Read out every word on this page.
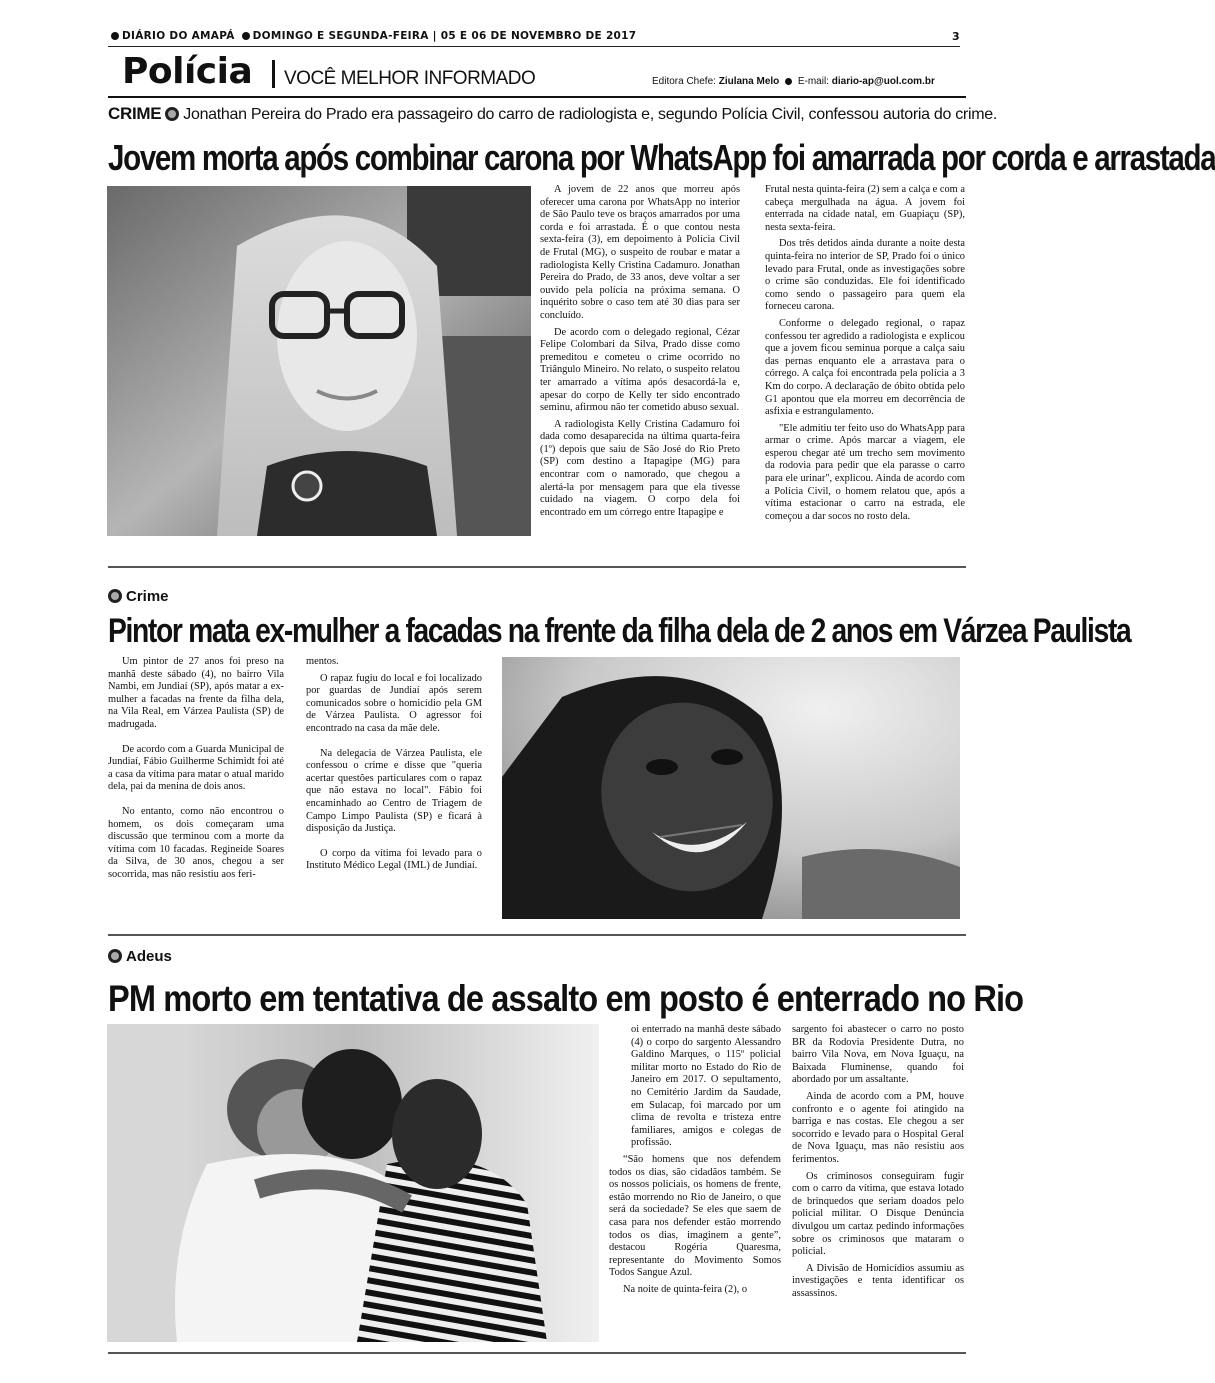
DIÁRIO DO AMAPÁ DOMINGO E SEGUNDA-FEIRA | 05 E 06 DE NOVEMBRO DE 2017	3
Polícia VOCÊ MELHOR INFORMADO	Editora Chefe: Ziulana Melo E-mail: diario-ap@uol.com.br
CRIME Jonathan Pereira do Prado era passageiro do carro de radiologista e, segundo Polícia Civil, confessou autoria do crime.
Jovem morta após combinar carona por WhatsApp foi amarrada por corda e arrastada

A jovem de 22 anos que morreu após oferecer uma carona por WhatsApp no interior de São Paulo teve os braços amarrados por uma corda e foi arrastada. É o que contou nesta sexta-feira (3), em depoimento à Polícia Civil de Frutal (MG), o suspeito de roubar e matar a radiologista Kelly Cristina Cadamuro. Jonathan Pereira do Prado, de 33 anos, deve voltar a ser ouvido pela polícia na próxima semana. O inquérito sobre o caso tem até 30 dias para ser concluído.

De acordo com o delegado regional, Cézar Felipe Colombari da Silva, Prado disse como premeditou e cometeu o crime ocorrido no Triângulo Mineiro. No relato, o suspeito relatou ter amarrado a vítima após desacordá-la e, apesar do corpo de Kelly ter sido encontrado seminu, afirmou não ter cometido abuso sexual.

A radiologista Kelly Cristina Cadamuro foi dada como desaparecida na última quarta-feira (1º) depois que saiu de São José do Rio Preto (SP) com destino a Itapagipe (MG) para encontrar com o namorado, que chegou a alertá-la por mensagem para que ela tivesse cuidado na viagem. O corpo dela foi encontrado em um córrego entre Itapagipe e

Frutal nesta quinta-feira (2) sem a calça e com a cabeça mergulhada na água. A jovem foi enterrada na cidade natal, em Guapiaçu (SP), nesta sexta-feira.

Dos três detidos ainda durante a noite desta quinta-feira no interior de SP, Prado foi o único levado para Frutal, onde as investigações sobre o crime são conduzidas. Ele foi identificado como sendo o passageiro para quem ela forneceu carona.

Conforme o delegado regional, o rapaz confessou ter agredido a radiologista e explicou que a jovem ficou seminua porque a calça saiu das pernas enquanto ele a arrastava para o córrego. A calça foi encontrada pela polícia a 3 Km do corpo. A declaração de óbito obtida pelo G1 apontou que ela morreu em decorrência de asfixia e estrangulamento.

"Ele admitiu ter feito uso do WhatsApp para armar o crime. Após marcar a viagem, ele esperou chegar até um trecho sem movimento da rodovia para pedir que ela parasse o carro para ele urinar", explicou. Ainda de acordo com a Polícia Civil, o homem relatou que, após a vítima estacionar o carro na estrada, ele começou a dar socos no rosto dela.

Crime
Pintor mata ex-mulher a facadas na frente da filha dela de 2 anos em Várzea Paulista

Um pintor de 27 anos foi preso na manhã deste sábado (4), no bairro Vila Nambi, em Jundiaí (SP), após matar a ex-mulher a facadas na frente da filha dela, na Vila Real, em Várzea Paulista (SP) de madrugada.

De acordo com a Guarda Municipal de Jundiaí, Fábio Guilherme Schimidt foi até a casa da vítima para matar o atual marido dela, pai da menina de dois anos.

No entanto, como não encontrou o homem, os dois começaram uma discussão que terminou com a morte da vítima com 10 facadas. Regineide Soares da Silva, de 30 anos, chegou a ser socorrida, mas não resistiu aos feri-

mentos.

O rapaz fugiu do local e foi localizado por guardas de Jundiaí após serem comunicados sobre o homicídio pela GM de Várzea Paulista. O agressor foi encontrado na casa da mãe dele.

Na delegacia de Várzea Paulista, ele confessou o crime e disse que "queria acertar questões particulares com o rapaz que não estava no local". Fábio foi encaminhado ao Centro de Triagem de Campo Limpo Paulista (SP) e ficará à disposição da Justiça.

O corpo da vítima foi levado para o Instituto Médico Legal (IML) de Jundiaí.

Adeus
PM morto em tentativa de assalto em posto é enterrado no Rio

oi enterrado na manhã deste sábado (4) o corpo do sargento Alessandro Galdino Marques, o 115º policial militar morto no Estado do Rio de Janeiro em 2017. O sepultamento, no Cemitério Jardim da Saudade, em Sulacap, foi marcado por um clima de revolta e tristeza entre familiares, amigos e colegas de profissão.

“São homens que nos defendem todos os dias, são cidadãos também. Se os nossos policiais, os homens de frente, estão morrendo no Rio de Janeiro, o que será da sociedade? Se eles que saem de casa para nos defender estão morrendo todos os dias, imaginem a gente”, destacou Rogéria Quaresma, representante do Movimento Somos Todos Sangue Azul.

Na noite de quinta-feira (2), o

sargento foi abastecer o carro no posto BR da Rodovia Presidente Dutra, no bairro Vila Nova, em Nova Iguaçu, na Baixada Fluminense, quando foi abordado por um assaltante.

Ainda de acordo com a PM, houve confronto e o agente foi atingido na barriga e nas costas. Ele chegou a ser socorrido e levado para o Hospital Geral de Nova Iguaçu, mas não resistiu aos ferimentos.

Os criminosos conseguiram fugir com o carro da vítima, que estava lotado de brinquedos que seriam doados pelo policial militar. O Disque Denúncia divulgou um cartaz pedindo informações sobre os criminosos que mataram o policial.

A Divisão de Homicídios assumiu as investigações e tenta identificar os assassinos.
